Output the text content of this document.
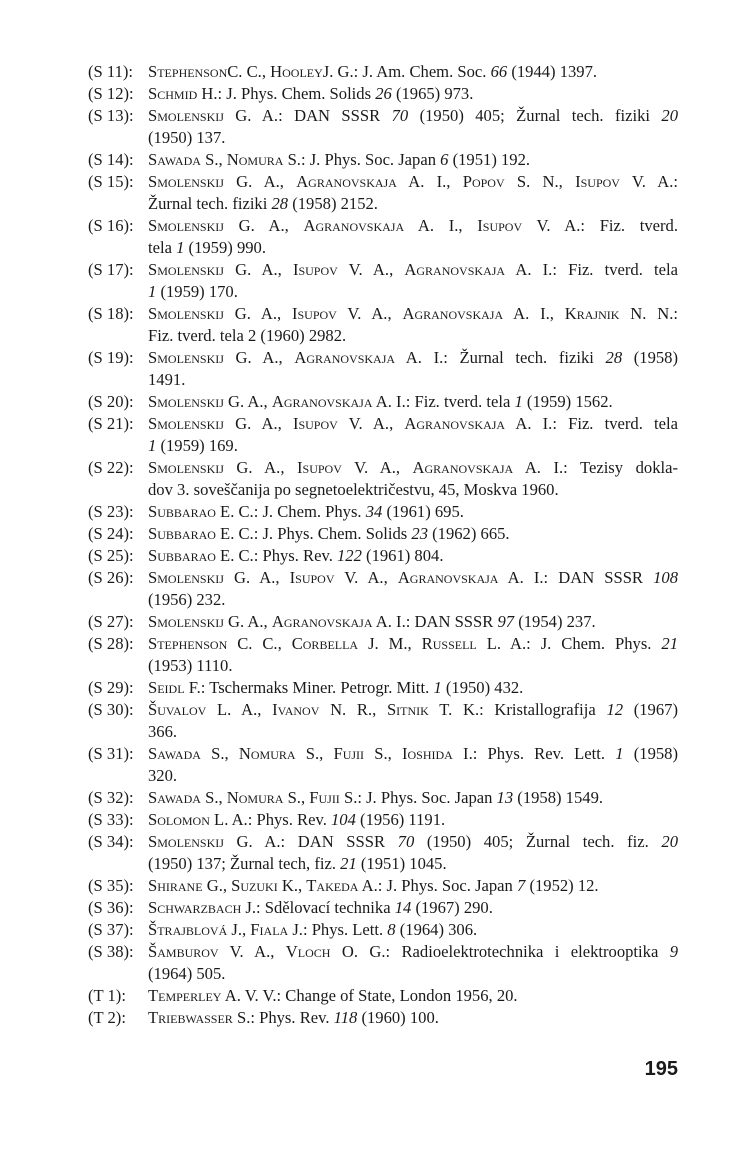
(S 11): StephensonC. C., HooleyJ. G.: J. Am. Chem. Soc. 66 (1944) 1397.
(S 12): Schmid H.: J. Phys. Chem. Solids 26 (1965) 973.
(S 13): Smolenskij G. A.: DAN SSSR 70 (1950) 405; Žurnal tech. fiziki 20
(1950) 137.
(S 14): Sawada S., Nomura S.: J. Phys. Soc. Japan 6 (1951) 192.
(S 15): Smolenskij G. A., Agranovskaja A. I., Popov S. N., Isupov V. A.:
Žurnal tech. fiziki 28 (1958) 2152.
(S 16): Smolenskij G. A., Agranovskaja A. I., Isupov V. A.: Fiz. tverd.
tela 1 (1959) 990.
(S 17): Smolenskij G. A., Isupov V. A., Agranovskaja A. I.: Fiz. tverd. tela
1 (1959) 170.
(S 18): Smolenskij G. A., Isupov V. A., Agranovskaja A. I., Krajnik N. N.:
Fiz. tverd. tela 2 (1960) 2982.
(S 19): Smolenskij G. A., Agranovskaja A. I.: Žurnal tech. fiziki 28 (1958)
1491.
(S 20): Smolenskij G. A., Agranovskaja A. I.: Fiz. tverd. tela 1 (1959) 1562.
(S 21): Smolenskij G. A., Isupov V. A., Agranovskaja A. I.: Fiz. tverd. tela
1 (1959) 169.
(S 22): Smolenskij G. A., Isupov V. A., Agranovskaja A. I.: Tezisy dokla-
dov 3. soveščanija po segnetoelektričestvu, 45, Moskva 1960.
(S 23): Subbarao E. C.: J. Chem. Phys. 34 (1961) 695.
(S 24): Subbarao E. C.: J. Phys. Chem. Solids 23 (1962) 665.
(S 25): Subbarao E. C.: Phys. Rev. 122 (1961) 804.
(S 26): Smolenskij G. A., Isupov V. A., Agranovskaja A. I.: DAN SSSR 108
(1956) 232.
(S 27): Smolenskij G. A., Agranovskaja A. I.: DAN SSSR 97 (1954) 237.
(S 28): Stephenson C. C., Corbella J. M., Russell L. A.: J. Chem. Phys. 21
(1953) 1110.
(S 29): Seidl F.: Tschermaks Miner. Petrogr. Mitt. 1 (1950) 432.
(S 30): Šuvalov L. A., Ivanov N. R., Sitnik T. K.: Kristallografija 12 (1967)
366.
(S 31): Sawada S., Nomura S., Fujii S., Ioshida I.: Phys. Rev. Lett. 1 (1958)
320.
(S 32): Sawada S., Nomura S., Fujii S.: J. Phys. Soc. Japan 13 (1958) 1549.
(S 33): Solomon L. A.: Phys. Rev. 104 (1956) 1191.
(S 34): Smolenskij G. A.: DAN SSSR 70 (1950) 405; Žurnal tech. fiz. 20
(1950) 137; Žurnal tech, fiz. 21 (1951) 1045.
(S 35): Shirane G., Suzuki K., Takeda A.: J. Phys. Soc. Japan 7 (1952) 12.
(S 36): Schwarzbach J.: Sdělovací technika 14 (1967) 290.
(S 37): Štrajblová J., Fiala J.: Phys. Lett. 8 (1964) 306.
(S 38): Šamburov V. A., Vloch O. G.: Radioelektrotechnika i elektrooptika 9
(1964) 505.
(T 1):	Temperley A. V. V.: Change of State, London 1956, 20.
(T 2):	Triebwasser S.: Phys. Rev. 118 (1960) 100.
195
